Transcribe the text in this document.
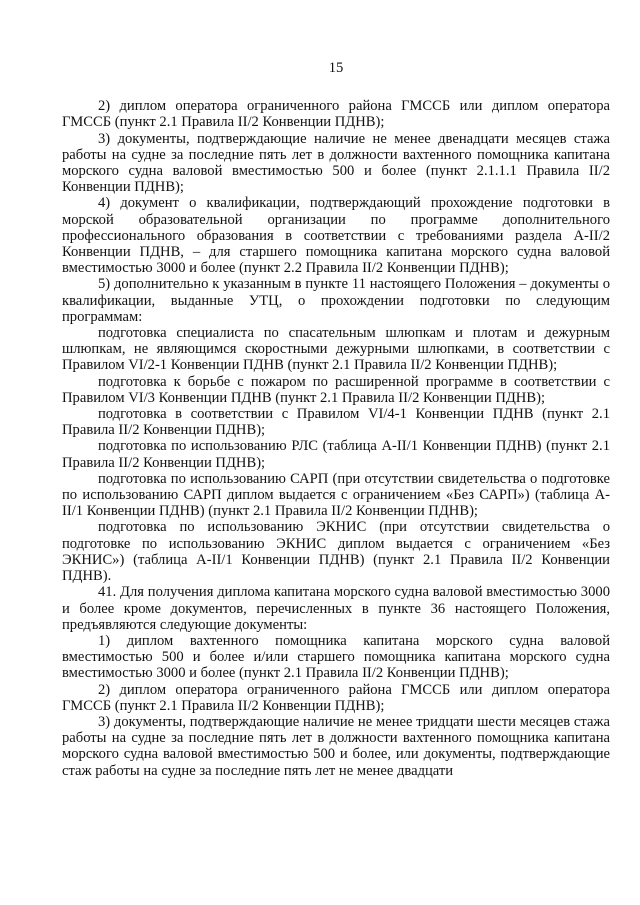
15

2) диплом оператора ограниченного района ГМССБ или диплом оператора ГМССБ (пункт 2.1 Правила II/2 Конвенции ПДНВ);

3) документы, подтверждающие наличие не менее двенадцати месяцев стажа работы на судне за последние пять лет в должности вахтенного помощника капитана морского судна валовой вместимостью 500 и более (пункт 2.1.1.1 Правила II/2 Конвенции ПДНВ);

4) документ о квалификации, подтверждающий прохождение подготовки в морской образовательной организации по программе дополнительного профессионального образования в соответствии с требованиями раздела A-II/2 Конвенции ПДНВ, – для старшего помощника капитана морского судна валовой вместимостью 3000 и более (пункт 2.2 Правила II/2 Конвенции ПДНВ);

5) дополнительно к указанным в пункте 11 настоящего Положения – документы о квалификации, выданные УТЦ, о прохождении подготовки по следующим программам:

подготовка специалиста по спасательным шлюпкам и плотам и дежурным шлюпкам, не являющимся скоростными дежурными шлюпками, в соответствии с Правилом VI/2-1 Конвенции ПДНВ (пункт 2.1 Правила II/2 Конвенции ПДНВ);

подготовка к борьбе с пожаром по расширенной программе в соответствии с Правилом VI/3 Конвенции ПДНВ (пункт 2.1 Правила II/2 Конвенции ПДНВ);

подготовка в соответствии с Правилом VI/4-1 Конвенции ПДНВ (пункт 2.1 Правила II/2 Конвенции ПДНВ);

подготовка по использованию РЛС (таблица A-II/1 Конвенции ПДНВ) (пункт 2.1 Правила II/2 Конвенции ПДНВ);

подготовка по использованию САРП (при отсутствии свидетельства о подготовке по использованию САРП диплом выдается с ограничением «Без САРП») (таблица A-II/1 Конвенции ПДНВ) (пункт 2.1 Правила II/2 Конвенции ПДНВ);

подготовка по использованию ЭКНИС (при отсутствии свидетельства о подготовке по использованию ЭКНИС диплом выдается с ограничением «Без ЭКНИС») (таблица A-II/1 Конвенции ПДНВ) (пункт 2.1 Правила II/2 Конвенции ПДНВ).

41. Для получения диплома капитана морского судна валовой вместимостью 3000 и более кроме документов, перечисленных в пункте 36 настоящего Положения, предъявляются следующие документы:

1) диплом вахтенного помощника капитана морского судна валовой вместимостью 500 и более и/или старшего помощника капитана морского судна вместимостью 3000 и более (пункт 2.1 Правила II/2 Конвенции ПДНВ);

2) диплом оператора ограниченного района ГМССБ или диплом оператора ГМССБ (пункт 2.1 Правила II/2 Конвенции ПДНВ);

3) документы, подтверждающие наличие не менее тридцати шести месяцев стажа работы на судне за последние пять лет в должности вахтенного помощника капитана морского судна валовой вместимостью 500 и более, или документы, подтверждающие стаж работы на судне за последние пять лет не менее двадцати
